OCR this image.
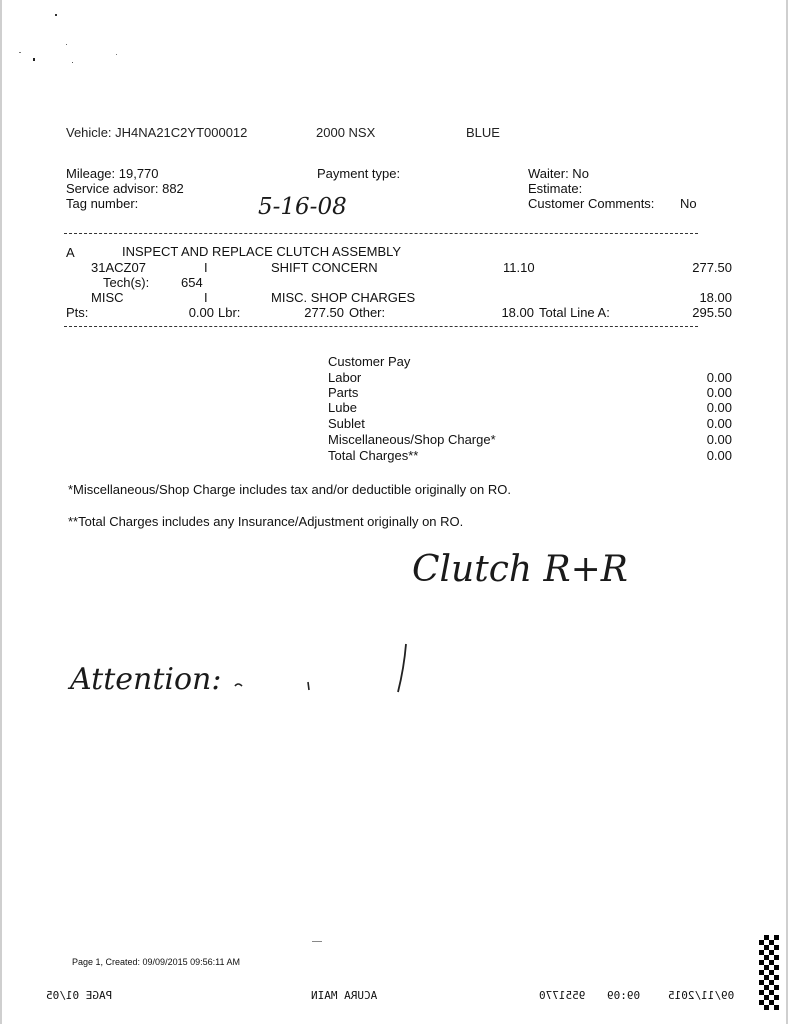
Vehicle: JH4NA21C2YT000012	2000 NSX	BLUE
Mileage: 19,770
Service advisor: 882
Tag number:
Payment type:	Waiter: No
Estimate:
Customer Comments: No
5-16-08
A	INSPECT AND REPLACE CLUTCH ASSEMBLY
31ACZ07	I	SHIFT CONCERN	11.10	277.50
Tech(s): 654
MISC	I	MISC. SHOP CHARGES	18.00
Pts:	0.00 Lbr:	277.50 Other:	18.00 Total Line A:	295.50
Customer Pay
Labor	0.00
Parts	0.00
Lube	0.00
Sublet	0.00
Miscellaneous/Shop Charge*	0.00
Total Charges**	0.00
*Miscellaneous/Shop Charge includes tax and/or deductible originally on RO.
**Total Charges includes any Insurance/Adjustment originally on RO.
Clutch R+R
Attention:
Page 1, Created: 09/09/2015 09:56:11 AM
PAGE 01/05	ACURA MAIN	9551770 09:09	09/11/2015
